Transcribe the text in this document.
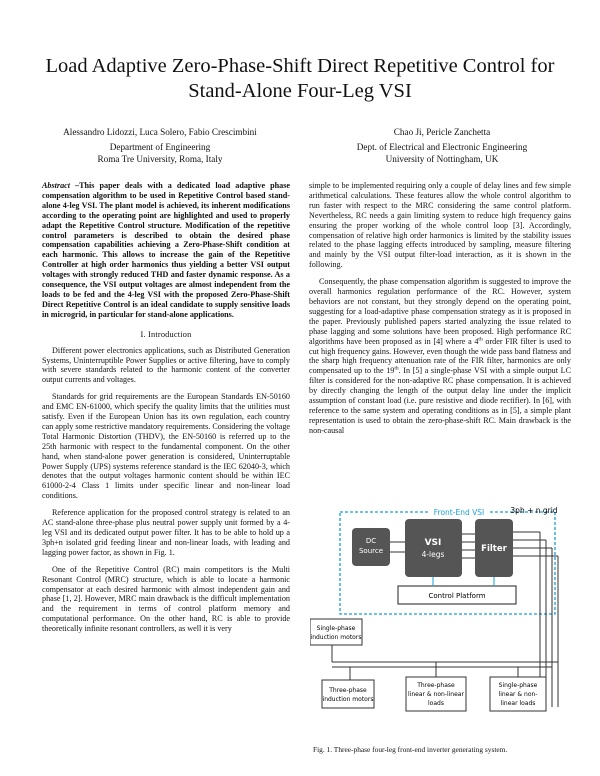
Load Adaptive Zero-Phase-Shift Direct Repetitive Control for Stand-Alone Four-Leg VSI
Alessandro Lidozzi, Luca Solero, Fabio Crescimbini
Department of Engineering
Roma Tre University, Roma, Italy
Chao Ji, Pericle Zanchetta
Dept. of Electrical and Electronic Engineering
University of Nottingham, UK

Abstract –This paper deals with a dedicated load adaptive phase compensation algorithm to be used in Repetitive Control based stand-alone 4-leg VSI. The plant model is achieved, its inherent modifications according to the operating point are highlighted and used to properly adapt the Repetitive Control structure. Modification of the repetitive control parameters is described to obtain the desired phase compensation capabilities achieving a Zero-Phase-Shift condition at each harmonic. This allows to increase the gain of the Repetitive Controller at high order harmonics thus yielding a better VSI output voltages with strongly reduced THD and faster dynamic response. As a consequence, the VSI output voltages are almost independent from the loads to be fed and the 4-leg VSI with the proposed Zero-Phase-Shift Direct Repetitive Control is an ideal candidate to supply sensitive loads in microgrid, in particular for stand-alone applications.

I. Introduction

Different power electronics applications, such as Distributed Generation Systems, Uninterruptible Power Supplies or active filtering, have to comply with severe standards related to the harmonic content of the converter output currents and voltages.

Standards for grid requirements are the European Standards EN-50160 and EMC EN-61000, which specify the quality limits that the utilities must satisfy. Even if the European Union has its own regulation, each country can apply some restrictive mandatory requirements. Considering the voltage Total Harmonic Distortion (THDV), the EN-50160 is referred up to the 25th harmonic with respect to the fundamental component. On the other hand, when stand-alone power generation is considered, Uninterruptable Power Supply (UPS) systems reference standard is the IEC 62040-3, which denotes that the output voltages harmonic content should be within IEC 61000-2-4 Class 1 limits under specific linear and non-linear load conditions.

Reference application for the proposed control strategy is related to an AC stand-alone three-phase plus neutral power supply unit formed by a 4-leg VSI and its dedicated output power filter. It has to be able to hold up a 3ph+n isolated grid feeding linear and non-linear loads, with leading and lagging power factor, as shown in Fig. 1.

One of the Repetitive Control (RC) main competitors is the Multi Resonant Control (MRC) structure, which is able to locate a harmonic compensator at each desired harmonic with almost independent gain and phase [1, 2]. However, MRC main drawback is the difficult implementation and the requirement in terms of control platform memory and computational performance. On the other hand, RC is able to provide theoretically infinite resonant controllers, as well it is very

simple to be implemented requiring only a couple of delay lines and few simple arithmetical calculations. These features allow the whole control algorithm to run faster with respect to the MRC considering the same control platform. Nevertheless, RC needs a gain limiting system to reduce high frequency gains ensuring the proper working of the whole control loop [3]. Accordingly, compensation of relative high order harmonics is limited by the stability issues related to the phase lagging effects introduced by sampling, measure filtering and mainly by the VSI output filter-load interaction, as it is shown in the following.

Consequently, the phase compensation algorithm is suggested to improve the overall harmonics regulation performance of the RC. However, system behaviors are not constant, but they strongly depend on the operating point, suggesting for a load-adaptive phase compensation strategy as it is proposed in the paper. Previously published papers started analyzing the issue related to phase lagging and some solutions have been proposed. High performance RC algorithms have been proposed as in [4] where a 4th order FIR filter is used to cut high frequency gains. However, even though the wide pass band flatness and the sharp high frequency attenuation rate of the FIR filter, harmonics are only compensated up to the 19th. In [5] a single-phase VSI with a simple output LC filter is considered for the non-adaptive RC phase compensation. It is achieved by directly changing the length of the output delay line under the implicit assumption of constant load (i.e. pure resistive and diode rectifier). In [6], with reference to the same system and operating conditions as in [5], a simple plant representation is used to obtain the zero-phase-shift RC. Main drawback is the non-causal

Front-End VSI
DC
Source
VSI
4-legs
Filter
3ph + n grid
Control Platform
Single-phase
induction motors
Three-phase
induction motors
Three-phase
linear & non-linear
loads
Single-phase
linear & non-
linear loads
Fig. 1. Three-phase four-leg front-end inverter generating system.
